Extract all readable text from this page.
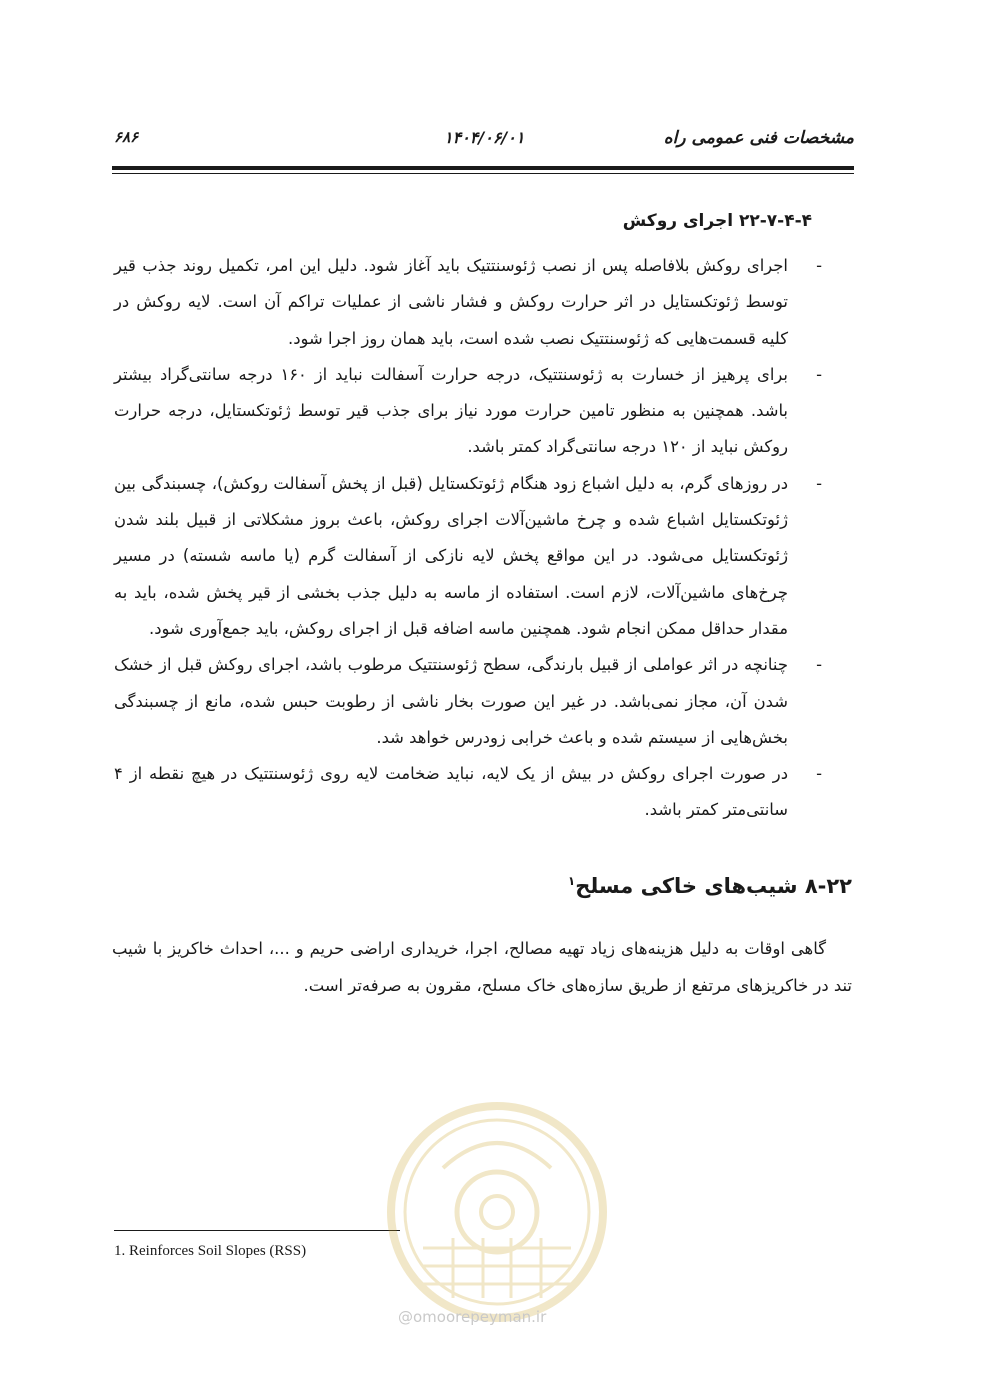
مشخصات فنی عمومی راه
۱۴۰۴/۰۶/۰۱
۶۸۶
۲۲-۷-۴-۴ اجرای روکش
-
اجرای روکش بلافاصله پس از نصب ژئوسنتتیک باید آغاز شود. دلیل این امر، تکمیل روند جذب قیر توسط ژئوتکستایل در اثر حرارت روکش و فشار ناشی از عملیات تراکم آن است. لایه روکش در کلیه قسمت‌هایی که ژئوسنتتیک نصب شده است، باید همان روز اجرا شود.
-
برای پرهیز از خسارت به ژئوسنتتیک، درجه حرارت آسفالت نباید از ۱۶۰ درجه سانتی‌گراد بیشتر باشد. همچنین به منظور تامین حرارت مورد نیاز برای جذب قیر توسط ژئوتکستایل، درجه حرارت روکش نباید از ۱۲۰ درجه سانتی‌گراد کمتر باشد.
-
در روزهای گرم، به دلیل اشباع زود هنگام ژئوتکستایل (قبل از پخش آسفالت روکش)، چسبندگی بین ژئوتکستایل اشباع شده و چرخ ماشین‌آلات اجرای روکش، باعث بروز مشکلاتی از قبیل بلند شدن ژئوتکستایل می‌شود. در این مواقع پخش لایه نازکی از آسفالت گرم (یا ماسه شسته) در مسیر چرخ‌های ماشین‌آلات، لازم است. استفاده از ماسه به دلیل جذب بخشی از قیر پخش شده، باید به مقدار حداقل ممکن انجام شود. همچنین ماسه اضافه قبل از اجرای روکش، باید جمع‌آوری شود.
-
چنانچه در اثر عواملی از قبیل بارندگی، سطح ژئوسنتتیک مرطوب باشد، اجرای روکش قبل از خشک شدن آن، مجاز نمی‌باشد. در غیر این صورت بخار ناشی از رطوبت حبس شده، مانع از چسبندگی بخش‌هایی از سیستم شده و باعث خرابی زودرس خواهد شد.
-
در صورت اجرای روکش در بیش از یک لایه، نباید ضخامت لایه روی ژئوسنتتیک در هیچ نقطه از ۴ سانتی‌متر کمتر باشد.
۸-۲۲ شیب‌های خاکی مسلح$^۱$

گاهی اوقات به دلیل هزینه‌های زیاد تهیه مصالح، اجرا، خریداری اراضی حریم و ...، احداث خاکریز با شیب تند در خاکریزهای مرتفع از طریق سازه‌های خاک مسلح، مقرون به صرفه‌تر است.

1. Reinforces Soil Slopes (RSS)
@omoorepeyman.ir
